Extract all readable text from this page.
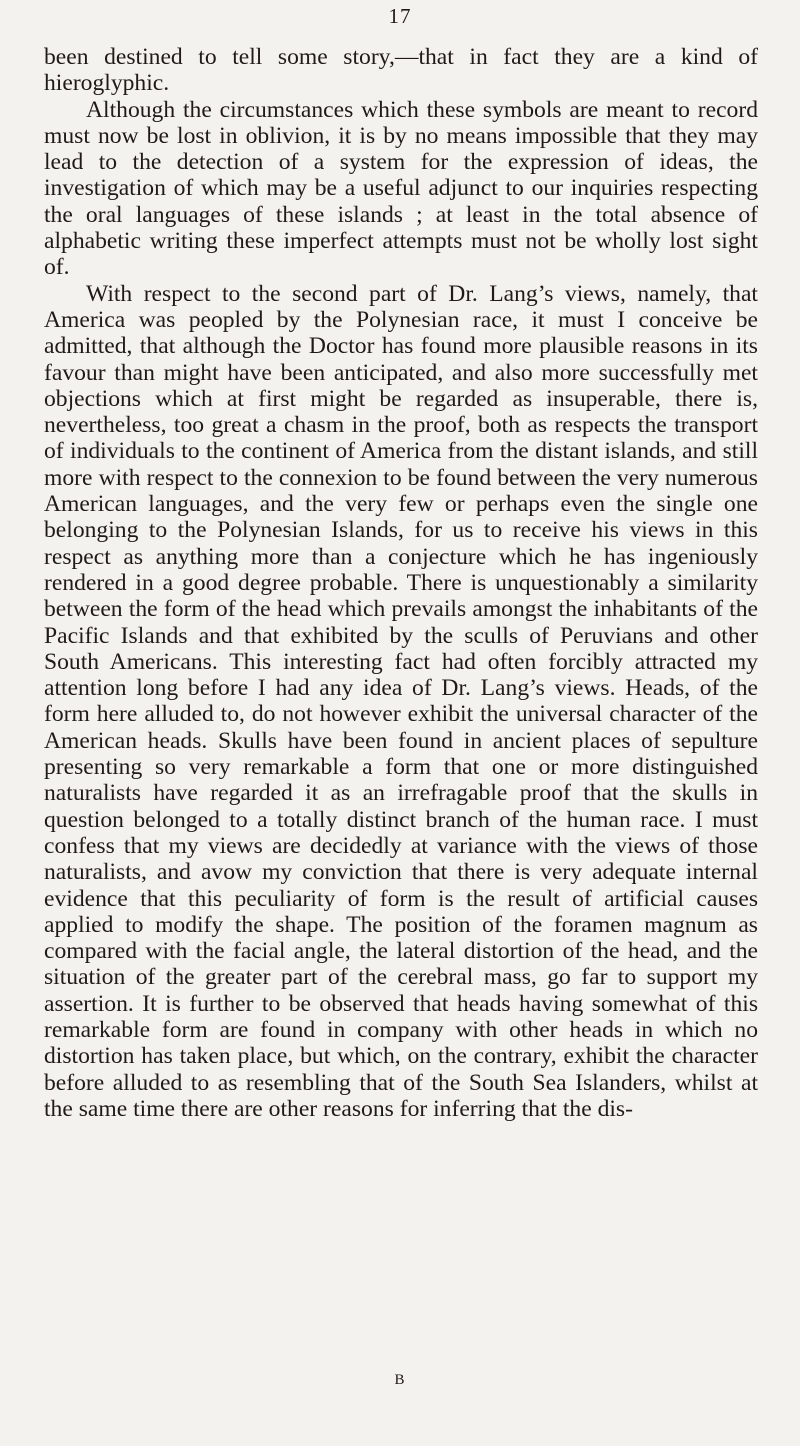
17

been destined to tell some story,—that in fact they are a kind of hieroglyphic.

Although the circumstances which these symbols are meant to record must now be lost in oblivion, it is by no means impossible that they may lead to the detection of a system for the expression of ideas, the investigation of which may be a useful adjunct to our inquiries respecting the oral languages of these islands ; at least in the total absence of alphabetic writing these imperfect attempts must not be wholly lost sight of.

With respect to the second part of Dr. Lang’s views, namely, that America was peopled by the Polynesian race, it must I conceive be admitted, that although the Doctor has found more plausible reasons in its favour than might have been anticipated, and also more successfully met objections which at first might be regarded as insuperable, there is, nevertheless, too great a chasm in the proof, both as respects the transport of individuals to the continent of America from the distant islands, and still more with respect to the connexion to be found between the very numerous American languages, and the very few or perhaps even the single one belonging to the Polynesian Islands, for us to receive his views in this respect as anything more than a conjecture which he has ingeniously rendered in a good degree probable. There is unquestionably a similarity between the form of the head which prevails amongst the inhabitants of the Pacific Islands and that exhibited by the sculls of Peruvians and other South Americans. This interesting fact had often forcibly attracted my attention long before I had any idea of Dr. Lang’s views. Heads, of the form here alluded to, do not however exhibit the universal character of the American heads. Skulls have been found in ancient places of sepulture presenting so very remarkable a form that one or more distinguished naturalists have regarded it as an irrefragable proof that the skulls in question belonged to a totally distinct branch of the human race. I must confess that my views are decidedly at variance with the views of those naturalists, and avow my conviction that there is very adequate internal evidence that this peculiarity of form is the result of artificial causes applied to modify the shape. The position of the foramen magnum as compared with the facial angle, the lateral distortion of the head, and the situation of the greater part of the cerebral mass, go far to support my assertion. It is further to be observed that heads having somewhat of this remarkable form are found in company with other heads in which no distortion has taken place, but which, on the contrary, exhibit the character before alluded to as resembling that of the South Sea Islanders, whilst at the same time there are other reasons for inferring that the dis-

B
